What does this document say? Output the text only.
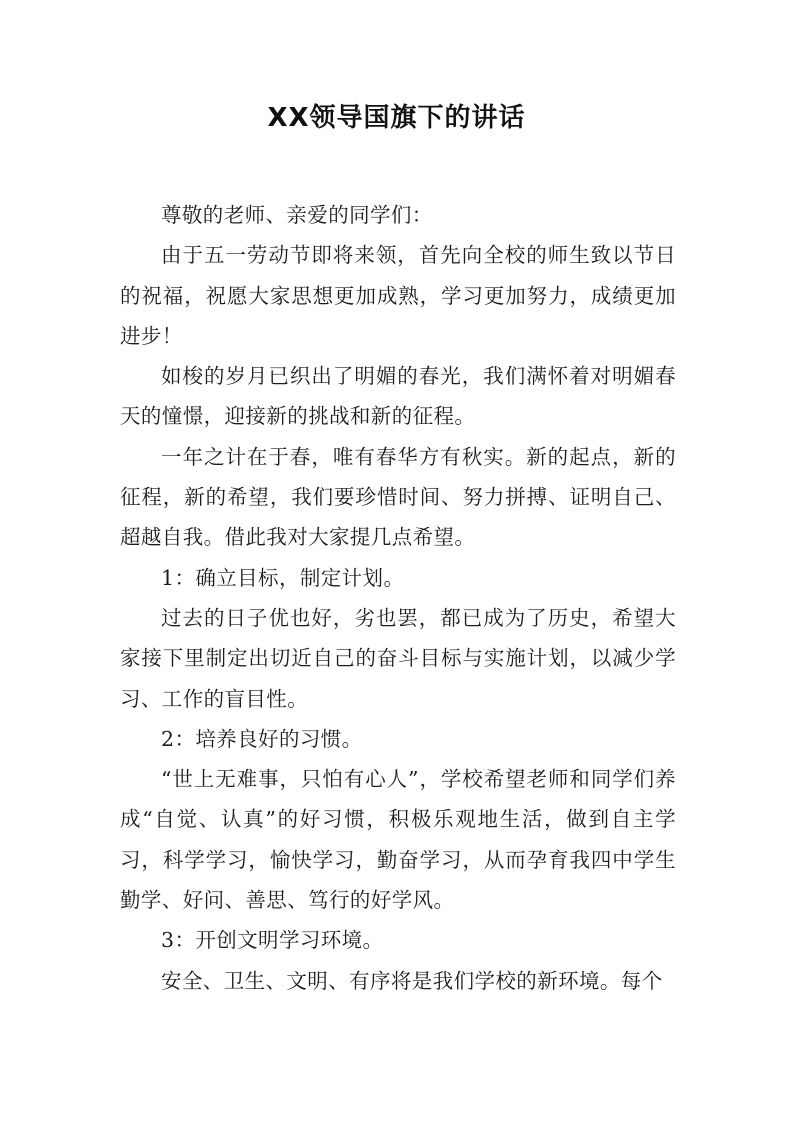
XX领导国旗下的讲话

尊敬的老师、亲爱的同学们：

由于五一劳动节即将来领，首先向全校的师生致以节日的祝福，祝愿大家思想更加成熟，学习更加努力，成绩更加进步！

如梭的岁月已织出了明媚的春光，我们满怀着对明媚春天的憧憬，迎接新的挑战和新的征程。

一年之计在于春，唯有春华方有秋实。新的起点，新的征程，新的希望，我们要珍惜时间、努力拼搏、证明自己、超越自我。借此我对大家提几点希望。

1：确立目标，制定计划。

过去的日子优也好，劣也罢，都已成为了历史，希望大家接下里制定出切近自己的奋斗目标与实施计划，以减少学习、工作的盲目性。

2：培养良好的习惯。

“世上无难事，只怕有心人”，学校希望老师和同学们养成“自觉、认真”的好习惯，积极乐观地生活，做到自主学习，科学学习，愉快学习，勤奋学习，从而孕育我四中学生勤学、好问、善思、笃行的好学风。

3：开创文明学习环境。

安全、卫生、文明、有序将是我们学校的新环境。每个
